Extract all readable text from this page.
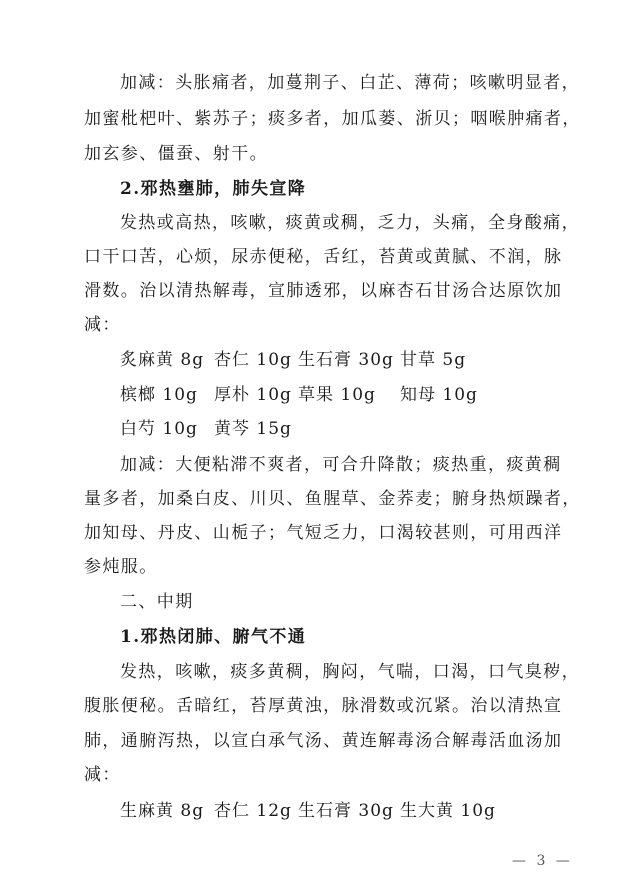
加减：头胀痛者，加蔓荆子、白芷、薄荷；咳嗽明显者，
加蜜枇杷叶、紫苏子；痰多者，加瓜蒌、浙贝；咽喉肿痛者，
加玄参、僵蚕、射干。
2.邪热壅肺，肺失宣降
发热或高热，咳嗽，痰黄或稠，乏力，头痛，全身酸痛，
口干口苦，心烦，尿赤便秘，舌红，苔黄或黄腻、不润，脉
滑数。治以清热解毒，宣肺透邪，以麻杏石甘汤合达原饮加
减：
炙麻黄 8g 杏仁 10g 生石膏 30g 甘草 5g
槟榔 10g 厚朴 10g 草果 10g 知母 10g
白芍 10g 黄芩 15g
加减：大便粘滞不爽者，可合升降散；痰热重，痰黄稠
量多者，加桑白皮、川贝、鱼腥草、金荞麦；腑身热烦躁者，
加知母、丹皮、山栀子；气短乏力，口渴较甚则，可用西洋
参炖服。
二、中期
1.邪热闭肺、腑气不通
发热，咳嗽，痰多黄稠，胸闷，气喘，口渴，口气臭秽，
腹胀便秘。舌暗红，苔厚黄浊，脉滑数或沉紧。治以清热宣
肺，通腑泻热，以宣白承气汤、黄连解毒汤合解毒活血汤加
减：
生麻黄 8g 杏仁 12g 生石膏 30g 生大黄 10g
— 3 —
